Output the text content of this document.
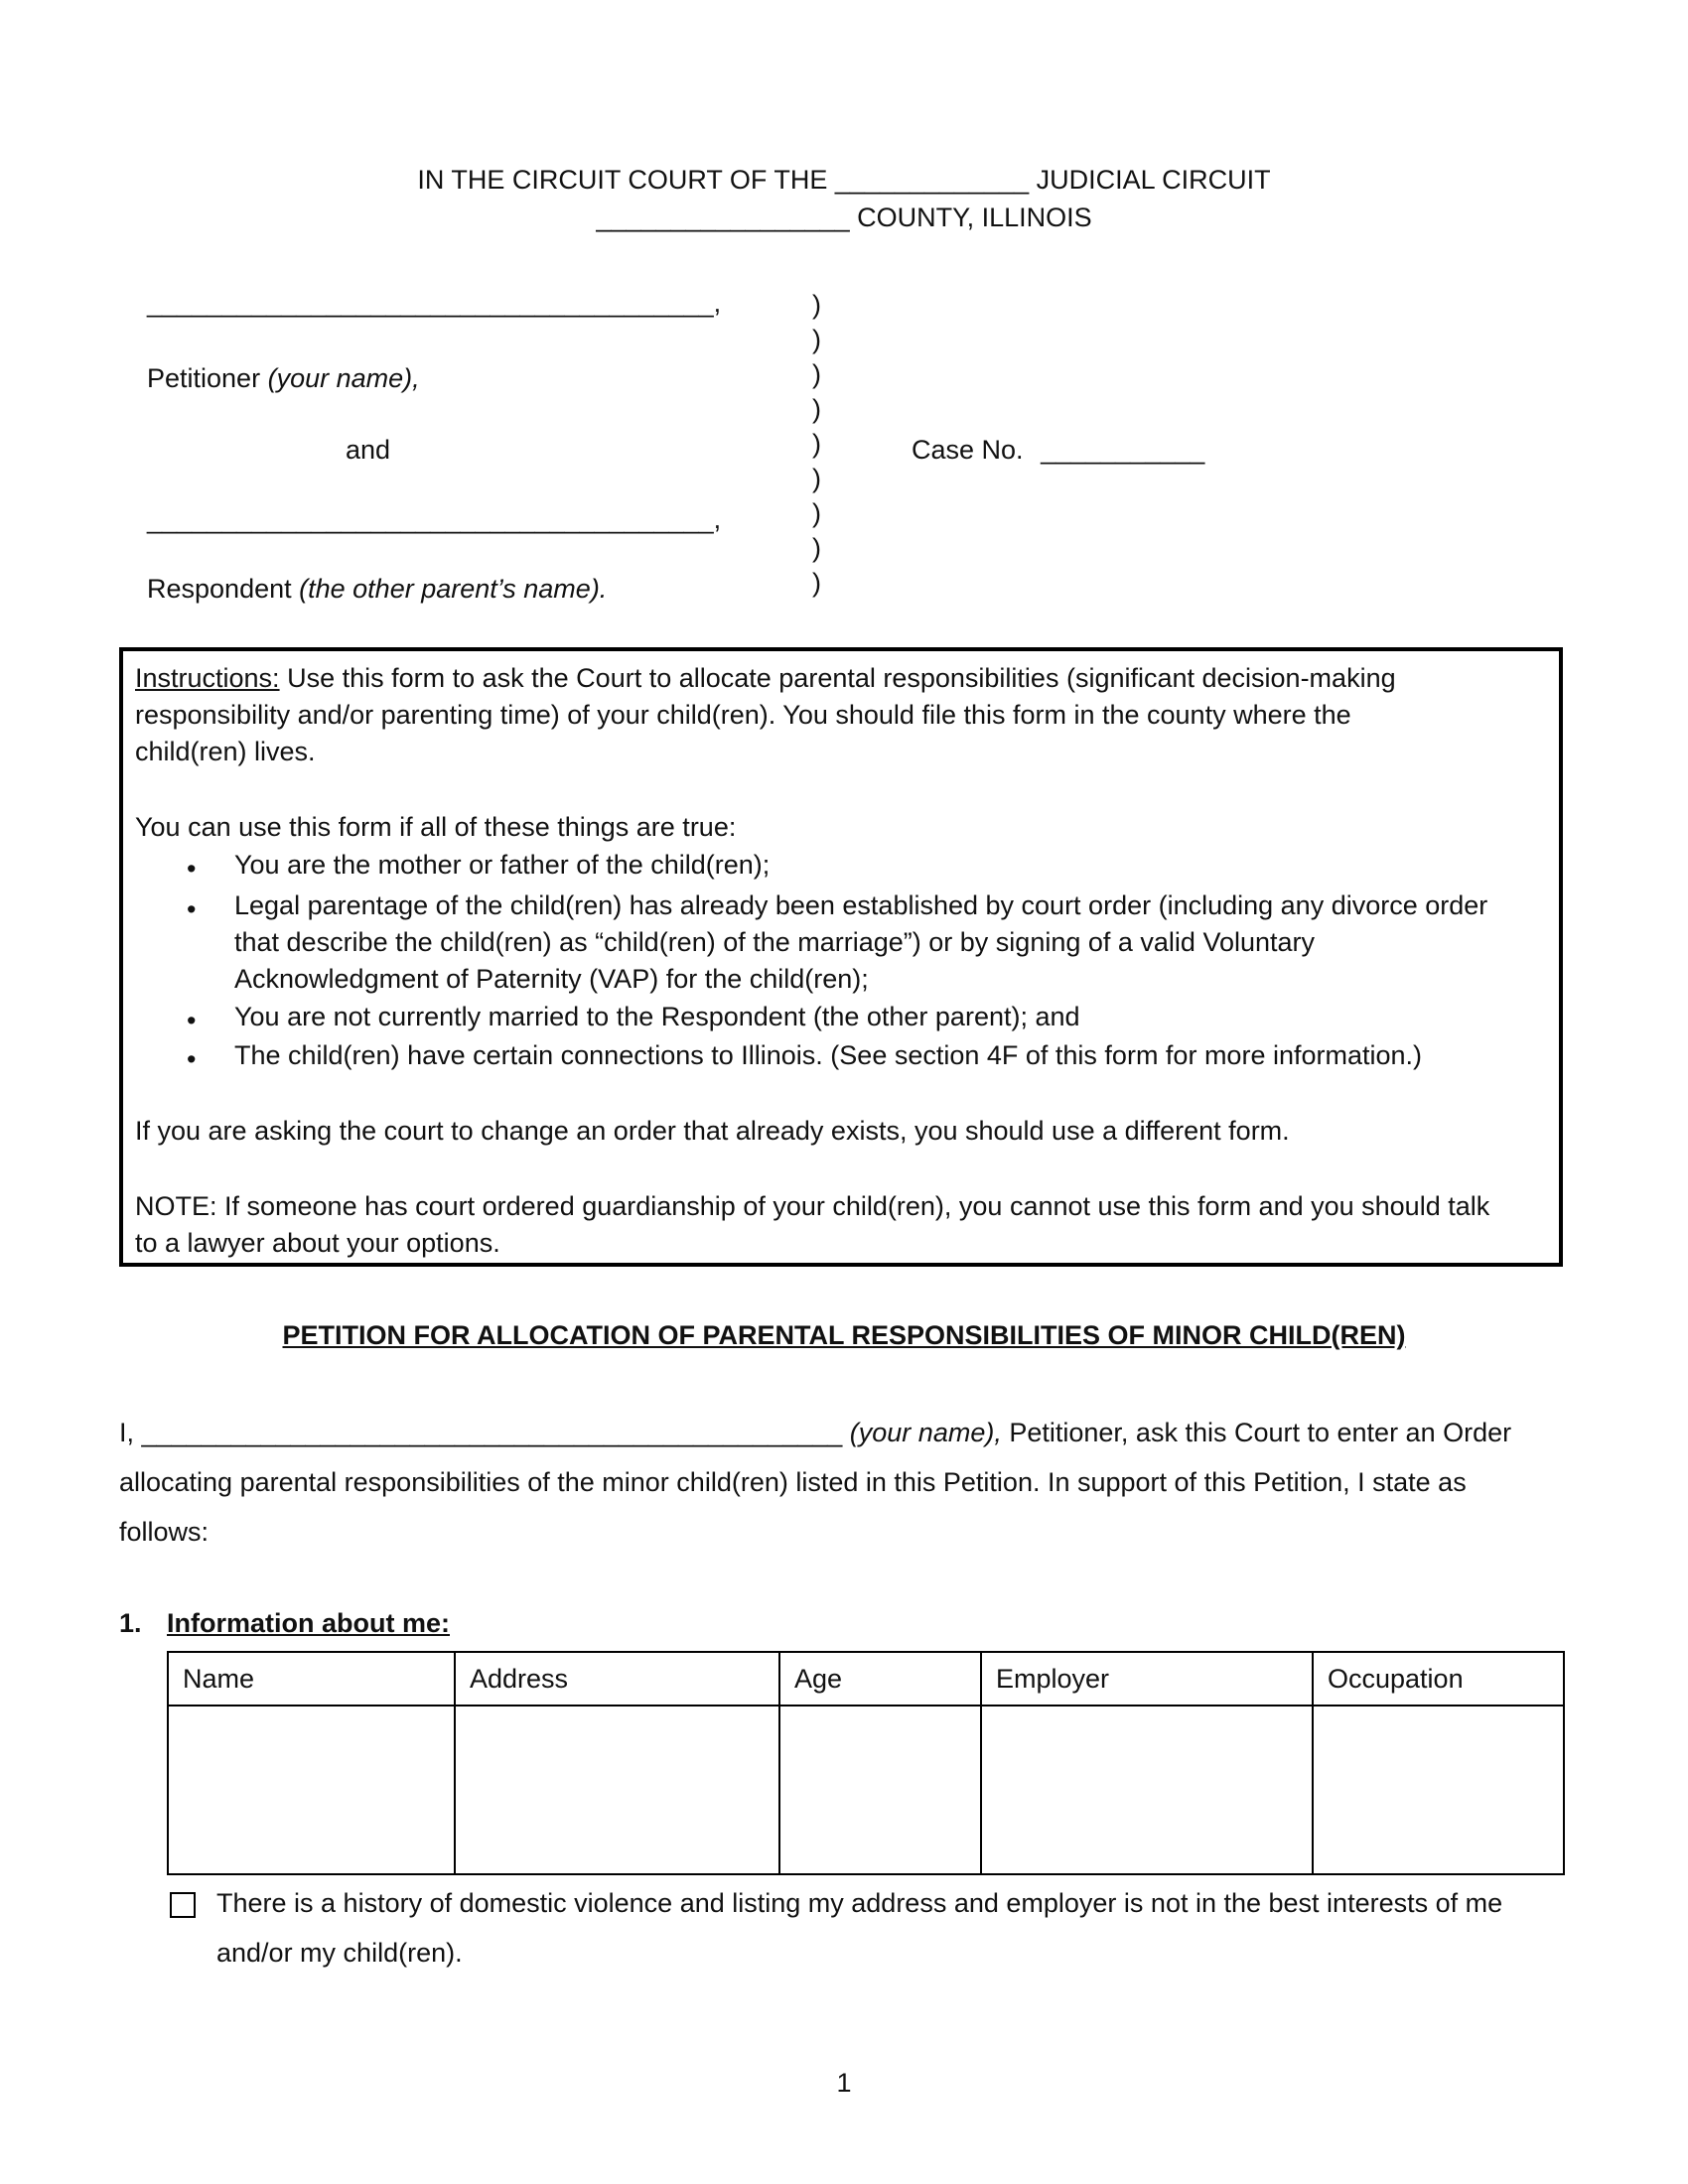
IN THE CIRCUIT COURT OF THE _____________ JUDICIAL CIRCUIT
_________________ COUNTY, ILLINOIS
______________________________________,
Petitioner (your name),
and
______________________________________,
Respondent (the other parent’s name).
)
)
)
)
)
)
)
)
)
Case No. ___________
Instructions: Use this form to ask the Court to allocate parental responsibilities (significant decision-making
responsibility and/or parenting time) of your child(ren). You should file this form in the county where the
child(ren) lives.
You can use this form if all of these things are true:
• You are the mother or father of the child(ren);
• Legal parentage of the child(ren) has already been established by court order (including any divorce order
that describe the child(ren) as “child(ren) of the marriage”) or by signing of a valid Voluntary
Acknowledgment of Paternity (VAP) for the child(ren);
• You are not currently married to the Respondent (the other parent); and
• The child(ren) have certain connections to Illinois. (See section 4F of this form for more information.)
If you are asking the court to change an order that already exists, you should use a different form.
NOTE: If someone has court ordered guardianship of your child(ren), you cannot use this form and you should talk
to a lawyer about your options.
PETITION FOR ALLOCATION OF PARENTAL RESPONSIBILITIES OF MINOR CHILD(REN)
I, _______________________________________________ (your name), Petitioner, ask this Court to enter an Order
allocating parental responsibilities of the minor child(ren) listed in this Petition. In support of this Petition, I state as
follows:
1. Information about me:
Name	Address	Age	Employer	Occupation

There is a history of domestic violence and listing my address and employer is not in the best interests of me
and/or my child(ren).
1
